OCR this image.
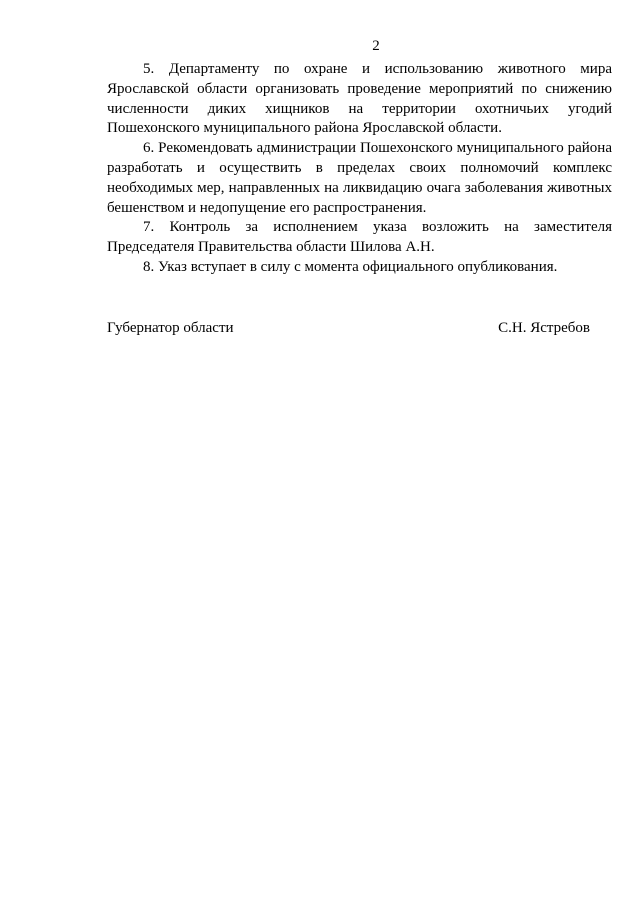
2

5. Департаменту по охране и использованию животного мира Ярославской области организовать проведение мероприятий по снижению численности диких хищников на территории охотничьих угодий Пошехонского муниципального района Ярославской области.

6. Рекомендовать администрации Пошехонского муниципального района разработать и осуществить в пределах своих полномочий комплекс необходимых мер, направленных на ликвидацию очага заболевания животных бешенством и недопущение его распространения.

7. Контроль за исполнением указа возложить на заместителя Председателя Правительства области Шилова А.Н.

8. Указ вступает в силу с момента официального опубликования.

Губернатор области	С.Н. Ястребов
